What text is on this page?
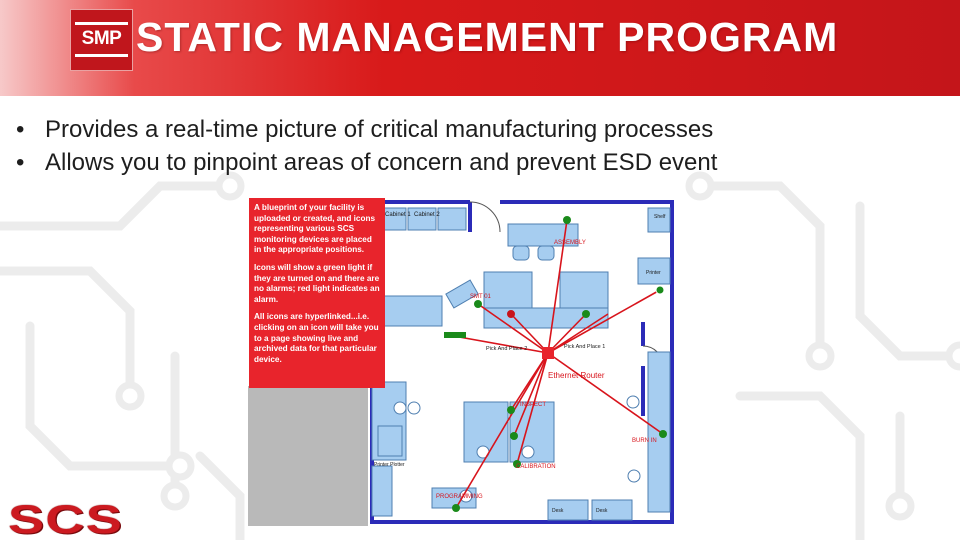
SMP STATIC MANAGEMENT PROGRAM
• Provides a real-time picture of critical manufacturing processes
• Allows you to pinpoint areas of concern and prevent ESD event
Cabinet 1 Cabinet 2	Shelf
Printer
Printer Plotter
Pick And Place 2	Pick And Place 1
Desk	Desk
ASSEMBLY
SMT 01
INSPECT
BURN IN
CALIBRATION
PROGRAMMING
Ethernet Router

A blueprint of your facility is uploaded or created, and icons representing various SCS monitoring devices are placed in the appropriate positions.

Icons will show a green light if they are turned on and there are no alarms; red light indicates an alarm.

All icons are hyperlinked...i.e. clicking on an icon will take you to a page showing live and archived data for that particular device.

SCS
